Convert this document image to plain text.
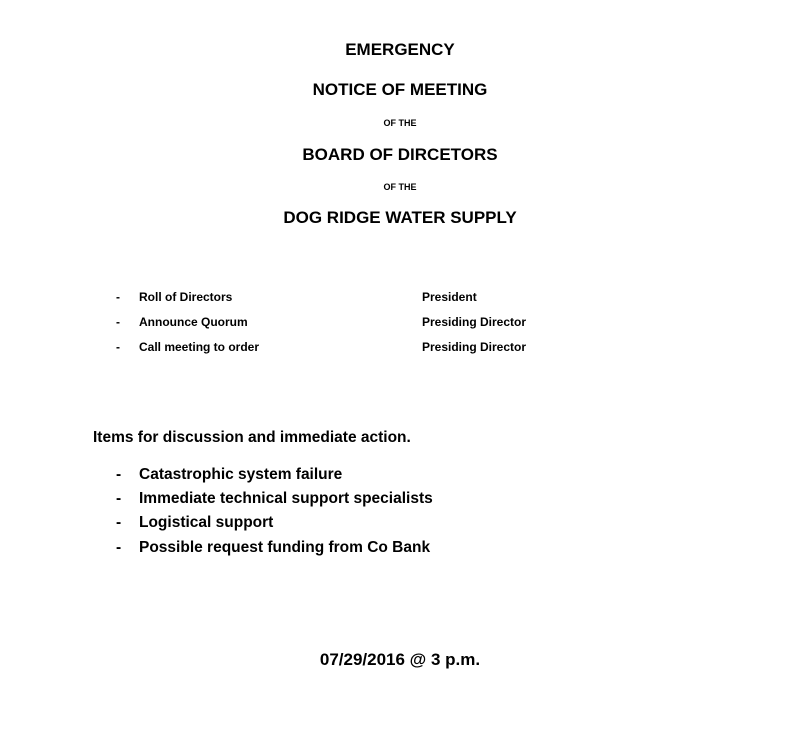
EMERGENCY
NOTICE OF MEETING
OF THE
BOARD OF DIRCETORS
OF THE
DOG RIDGE WATER SUPPLY
- Roll of Directors	President
- Announce Quorum	Presiding Director
- Call meeting to order	Presiding Director
Items for discussion and immediate action.
- Catastrophic system failure
- Immediate technical support specialists
- Logistical support
- Possible request funding from Co Bank
07/29/2016 @ 3 p.m.
